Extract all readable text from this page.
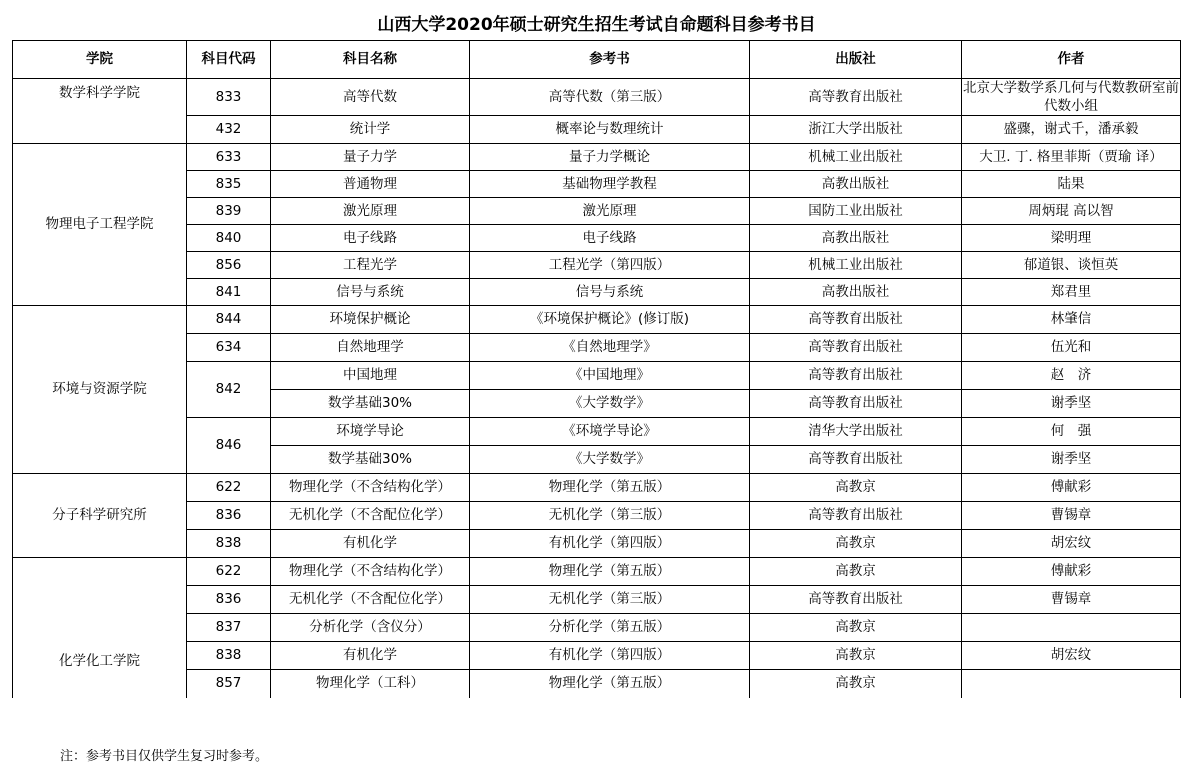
山西大学2020年硕士研究生招生考试自命题科目参考书目
学院	科目代码	科目名称	参考书	出版社	作者
数学科学学院	833	高等代数	高等代数（第三版）	高等教育出版社	北京大学数学系几何与代数教研室前代数小组
	432	统计学	概率论与数理统计	浙江大学出版社	盛骤，谢式千，潘承毅
物理电子工程学院	633	量子力学	量子力学概论	机械工业出版社	大卫. 丁. 格里菲斯（贾瑜 译）
	835	普通物理	基础物理学教程	高教出版社	陆果
	839	激光原理	激光原理	国防工业出版社	周炳琨 高以智
	840	电子线路	电子线路	高教出版社	梁明理
	856	工程光学	工程光学（第四版）	机械工业出版社	郁道银、谈恒英
	841	信号与系统	信号与系统	高教出版社	郑君里
环境与资源学院	844	环境保护概论	《环境保护概论》(修订版)	高等教育出版社	林肇信
	634	自然地理学	《自然地理学》	高等教育出版社	伍光和
	842	中国地理	《中国地理》	高等教育出版社	赵　济
		数学基础30%	《大学数学》	高等教育出版社	谢季坚
	846	环境学导论	《环境学导论》	清华大学出版社	何　强
		数学基础30%	《大学数学》	高等教育出版社	谢季坚
分子科学研究所	622	物理化学（不含结构化学）	物理化学（第五版）	高教京	傅献彩
	836	无机化学（不含配位化学）	无机化学（第三版）	高等教育出版社	曹锡章
	838	有机化学	有机化学（第四版）	高教京	胡宏纹
化学化工学院	622	物理化学（不含结构化学）	物理化学（第五版）	高教京	傅献彩
	836	无机化学（不含配位化学）	无机化学（第三版）	高等教育出版社	曹锡章
	837	分析化学（含仪分）	分析化学（第五版）	高教京	
	838	有机化学	有机化学（第四版）	高教京	胡宏纹
	857	物理化学（工科）	物理化学（第五版）	高教京	
注：参考书目仅供学生复习时参考。
